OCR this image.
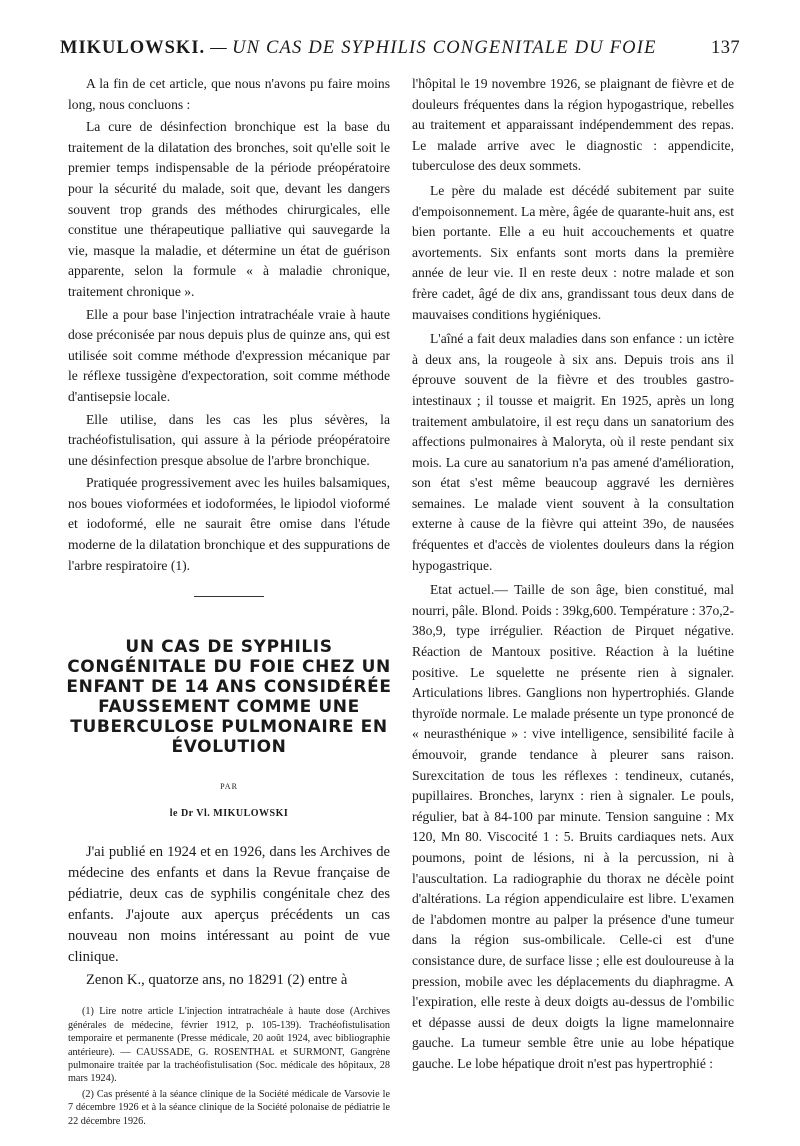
MIKULOWSKI. — UN CAS DE SYPHILIS CONGENITALE DU FOIE	137

A la fin de cet article, que nous n'avons pu faire moins long, nous concluons :

La cure de désinfection bronchique est la base du traitement de la dilatation des bronches, soit qu'elle soit le premier temps indispensable de la période préopératoire pour la sécurité du malade, soit que, devant les dangers souvent trop grands des méthodes chirurgicales, elle constitue une thérapeutique palliative qui sauvegarde la vie, masque la maladie, et détermine un état de guérison apparente, selon la formule « à maladie chronique, traitement chronique ».

Elle a pour base l'injection intratrachéale vraie à haute dose préconisée par nous depuis plus de quinze ans, qui est utilisée soit comme méthode d'expression mécanique par le réflexe tussigène d'expectoration, soit comme méthode d'antisepsie locale.

Elle utilise, dans les cas les plus sévères, la trachéofistulisation, qui assure à la période préopératoire une désinfection presque absolue de l'arbre bronchique.

Pratiquée progressivement avec les huiles balsamiques, nos boues vioformées et iodoformées, le lipiodol vioformé et iodoformé, elle ne saurait être omise dans l'étude moderne de la dilatation bronchique et des suppurations de l'arbre respiratoire (1).

UN CAS DE SYPHILIS CONGÉNITALE DU FOIE CHEZ UN ENFANT DE 14 ANS CONSIDÉRÉE FAUSSEMENT COMME UNE TUBERCULOSE PULMONAIRE EN ÉVOLUTION
PAR
le Dr Vl. MIKULOWSKI

J'ai publié en 1924 et en 1926, dans les Archives de médecine des enfants et dans la Revue française de pédiatrie, deux cas de syphilis congénitale chez des enfants. J'ajoute aux aperçus précédents un cas nouveau non moins intéressant au point de vue clinique.

Zenon K., quatorze ans, no 18291 (2) entre à

(1) Lire notre article L'injection intratrachéale à haute dose (Archives générales de médecine, février 1912, p. 105-139). Trachéofistulisation temporaire et permanente (Presse médicale, 20 août 1924, avec bibliographie antérieure). — CAUSSADE, G. ROSENTHAL et SURMONT, Gangrène pulmonaire traitée par la trachéofistulisation (Soc. médicale des hôpitaux, 28 mars 1924).

(2) Cas présenté à la séance clinique de la Société médicale de Varsovie le 7 décembre 1926 et à la séance clinique de la Société polonaise de pédiatrie le 22 décembre 1926.

l'hôpital le 19 novembre 1926, se plaignant de fièvre et de douleurs fréquentes dans la région hypogastrique, rebelles au traitement et apparaissant indépendemment des repas. Le malade arrive avec le diagnostic : appendicite, tuberculose des deux sommets.

Le père du malade est décédé subitement par suite d'empoisonnement. La mère, âgée de quarante-huit ans, est bien portante. Elle a eu huit accouchements et quatre avortements. Six enfants sont morts dans la première année de leur vie. Il en reste deux : notre malade et son frère cadet, âgé de dix ans, grandissant tous deux dans de mauvaises conditions hygiéniques.

L'aîné a fait deux maladies dans son enfance : un ictère à deux ans, la rougeole à six ans. Depuis trois ans il éprouve souvent de la fièvre et des troubles gastro-intestinaux ; il tousse et maigrit. En 1925, après un long traitement ambulatoire, il est reçu dans un sanatorium des affections pulmonaires à Maloryta, où il reste pendant six mois. La cure au sanatorium n'a pas amené d'amélioration, son état s'est même beaucoup aggravé les dernières semaines. Le malade vient souvent à la consultation externe à cause de la fièvre qui atteint 39o, de nausées fréquentes et d'accès de violentes douleurs dans la région hypogastrique.

Etat actuel.— Taille de son âge, bien constitué, mal nourri, pâle. Blond. Poids : 39kg,600. Température : 37o,2-38o,9, type irrégulier. Réaction de Pirquet négative. Réaction de Mantoux positive. Réaction à la luétine positive. Le squelette ne présente rien à signaler. Articulations libres. Ganglions non hypertrophiés. Glande thyroïde normale. Le malade présente un type prononcé de « neurasthénique » : vive intelligence, sensibilité facile à émouvoir, grande tendance à pleurer sans raison. Surexcitation de tous les réflexes : tendineux, cutanés, pupillaires. Bronches, larynx : rien à signaler. Le pouls, régulier, bat à 84-100 par minute. Tension sanguine : Mx 120, Mn 80. Viscocité 1 : 5. Bruits cardiaques nets. Aux poumons, point de lésions, ni à la percussion, ni à l'auscultation. La radiographie du thorax ne décèle point d'altérations. La région appendiculaire est libre. L'examen de l'abdomen montre au palper la présence d'une tumeur dans la région sus-ombilicale. Celle-ci est d'une consistance dure, de surface lisse ; elle est douloureuse à la pression, mobile avec les déplacements du diaphragme. A l'expiration, elle reste à deux doigts au-dessus de l'ombilic et dépasse aussi de deux doigts la ligne mamelonnaire gauche. La tumeur semble être unie au lobe hépatique gauche. Le lobe hépatique droit n'est pas hypertrophié :
